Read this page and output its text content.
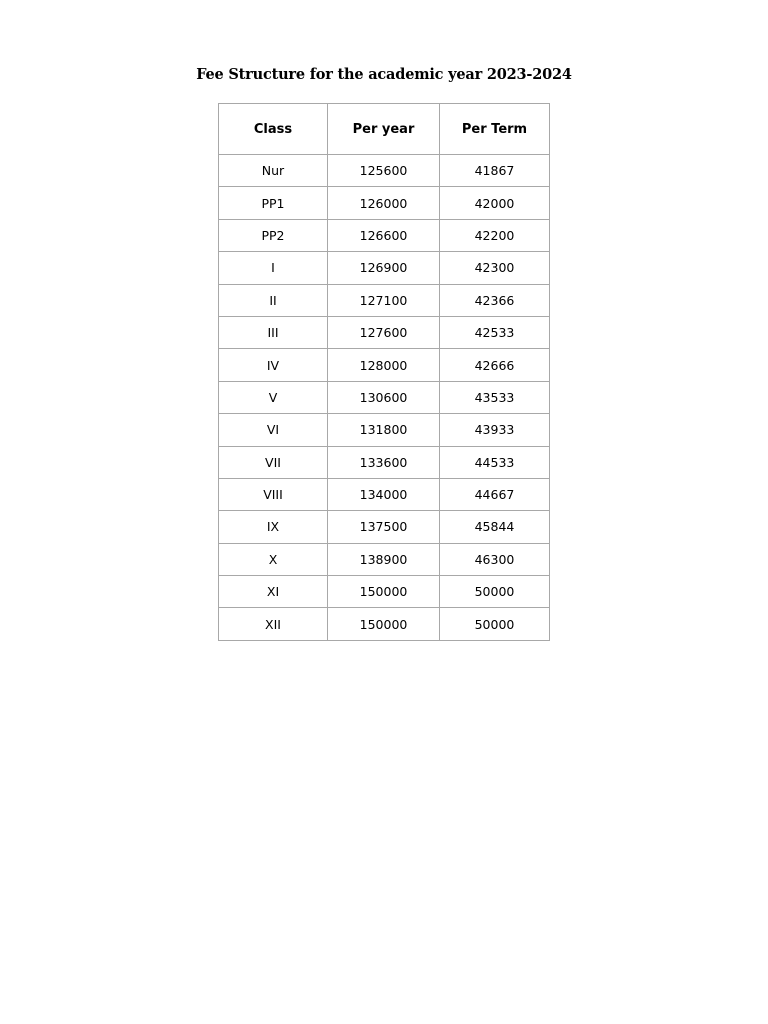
Fee Structure for the academic year 2023-2024
Class	Per year	Per Term
Nur	125600	41867
PP1	126000	42000
PP2	126600	42200
I	126900	42300
II	127100	42366
III	127600	42533
IV	128000	42666
V	130600	43533
VI	131800	43933
VII	133600	44533
VIII	134000	44667
IX	137500	45844
X	138900	46300
XI	150000	50000
XII	150000	50000
